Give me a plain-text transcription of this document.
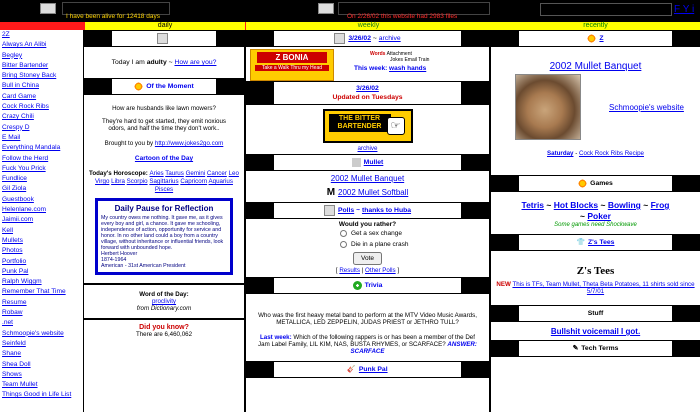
I have been alive for 12418 days	On 2/26/02 this website had 2983 files
F Y i
daily	weekly	recently
2Z
Always An Alibi
Begley
Bitter Bartender
Bring Stoney Back
Bull in China
Card Game
Cock Rock Ribs
Crazy Chili
Crespy D
E Mail
Everything Mandala
Follow the Herd
Fuck You Prick
Fundlice
Gil Ziola
Guestbook
Helenlane.com
Jaimii.com
Kell
Mullets
Photos
Portfolio
Punk Pal
Ralph Wiggm
Remember That Time
Resume
Robaw
.net
Schmoopie's website
Seinfeld
Shane
Shea Doll
Shows
Team Mullet
Things Good in Life List
Today I am adulty ~ How are you?
Of the Moment
How are husbands like lawn mowers?
They're hard to get started, they emit noxious odors, and half the time they don't work..
Brought to you by http://www.jokes2go.com
Cartoon of the Day
Today's Horoscope: Aries Taurus Gemini Cancer Leo Virgo Libra Scorpio Sagittarius Capricorn Aquarius Pisces
Daily Pause for Reflection

My country owes me nothing. It gave me, as it gives every boy and girl, a chance. It gave me schooling, independence of action, opportunity for service and honor. In no other land could a boy from a country village, without inheritance or influential friends, look forward with unbounded hope.

Herbert Hoover

1874-1964

American - 31st American President

Word of the Day:
proclivity
from Dictionary.com
Did you know?
There are 6,460,062
3/26/02 ~ archive
Z BONIA
Take a Walk Thru my Head
Words Attachment
Jokes Email Train
This week: wash hands
3/26/02
Updated on Tuesdays
THE BITTER BARTENDER ☞
archive
Mullet
2002 Mullet Banquet
M 2002 Mullet Softball
Polls ~ thanks to Huba
Would you rather?
Get a sex change
Die in a plane crash
Vote
[ Results | Other Polls ]
Trivia
Who was the first heavy metal band to perform at the MTV Video Music Awards, METALLICA, LED ZEPPELIN, JUDAS PRIEST or JETHRO TULL?
Last week: Which of the following rappers is or has been a member of the Def Jam Label Family, LIL KIM, NAS, BUSTA RHYMES, or SCARFACE? ANSWER: SCARFACE
🎸 Punk Pal
Z
2002 Mullet Banquet
Schmoopie's website
Saturday - Cock Rock Ribs Recipe
Games
Tetris ~ Hot Blocks ~ Bowling ~ Frog ~ Poker
Some games need Shockwave
👕 Z's Tees
Z's Tees
NEW This is TFs, Team Mullet, Theta Beta Potatoes, 11 shirts sold since 5/7/01
Stuff
Bullshit voicemail I got.
✎ Tech Terms
